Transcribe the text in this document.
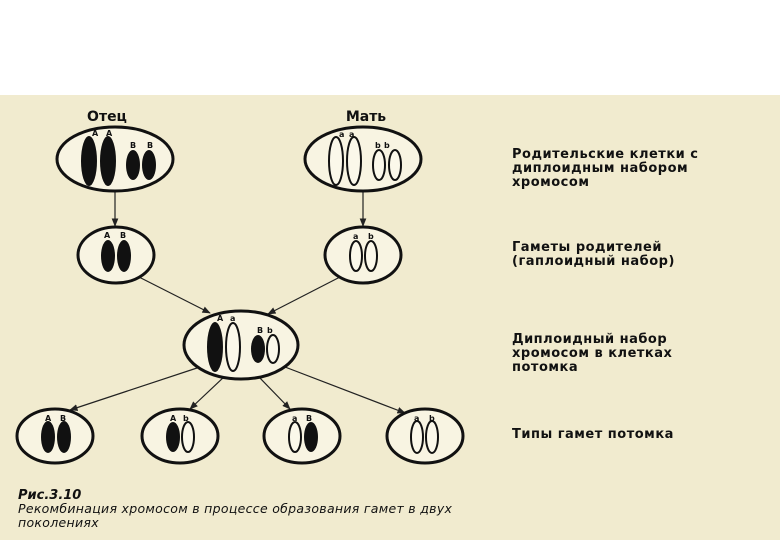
Отец	Мать
A A
B B
a a
b b
A B	a b
A a
B b
A B	A b	a B	a b
Родительские клетки с
диплоидным набором
хромосом
Гаметы родителей
(гаплоидный набор)
Диплоидный набор
хромосом в клетках
потомка
Типы гамет потомка
Рис.3.10
Рекомбинация хромосом в процессе образования гамет в двух
поколениях
